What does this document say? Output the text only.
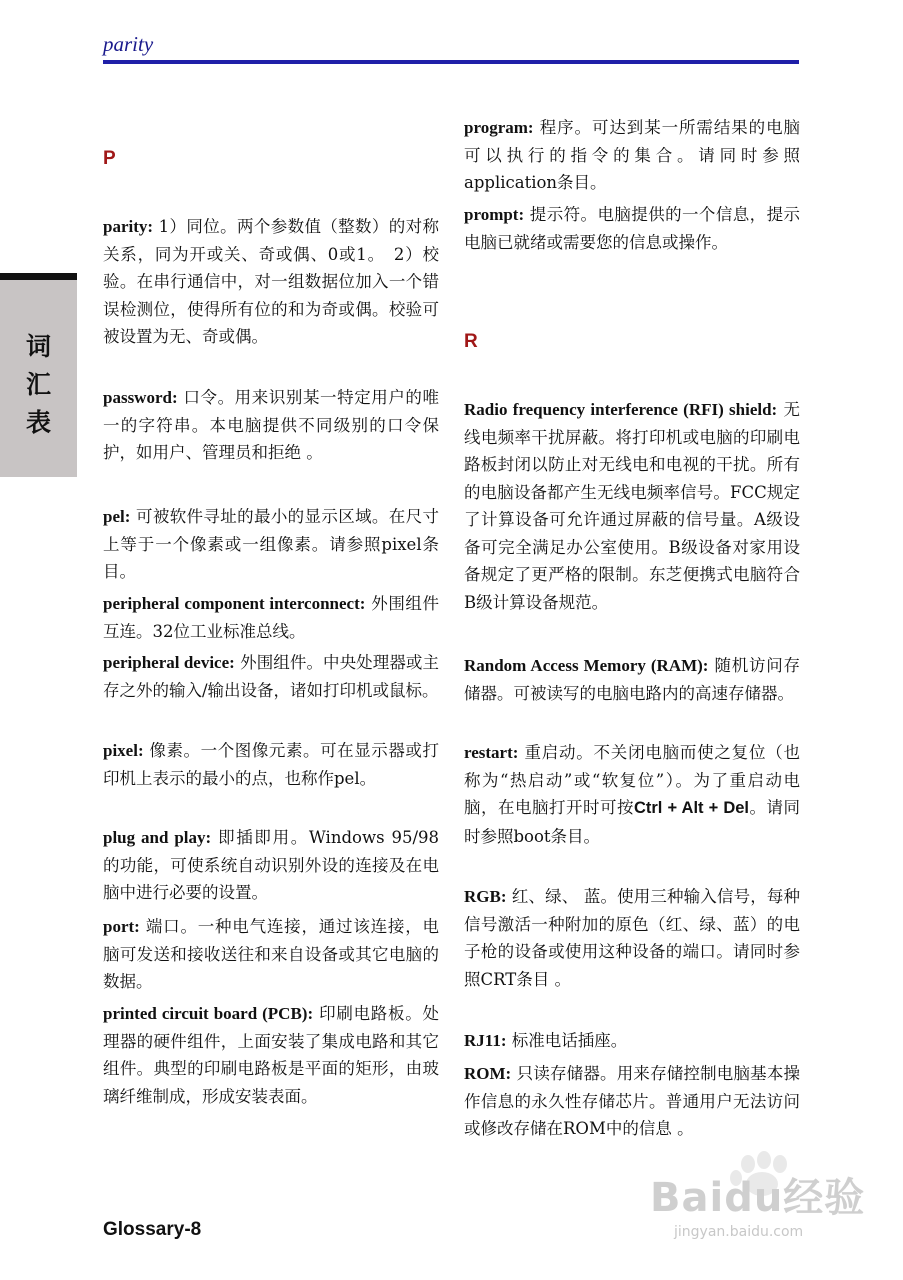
parity
词
汇
表
P
parity: 1）同位。两个参数值（整数）的对称关系，同为开或关、奇或偶、0或1。　2）校验。在串行通信中，对一组数据位加入一个错误检测位，使得所有位的和为奇或偶。校验可被设置为无、奇或偶。
password: 口令。用来识别某一特定用户的唯一的字符串。本电脑提供不同级别的口令保护，如用户、管理员和拒绝 。
pel: 可被软件寻址的最小的显示区域。在尺寸上等于一个像素或一组像素。请参照pixel条目。
peripheral component interconnect: 外围组件互连。32位工业标准总线。
peripheral device: 外围组件。中央处理器或主存之外的输入/输出设备，诸如打印机或鼠标。
pixel: 像素。一个图像元素。可在显示器或打印机上表示的最小的点，也称作pel。
plug and play: 即插即用。Windows 95/98的功能，可使系统自动识别外设的连接及在电脑中进行必要的设置。
port: 端口。一种电气连接，通过该连接，电脑可发送和接收送往和来自设备或其它电脑的数据。
printed circuit board (PCB): 印刷电路板。处理器的硬件组件，上面安装了集成电路和其它组件。典型的印刷电路板是平面的矩形，由玻璃纤维制成，形成安装表面。
program: 程序。可达到某一所需结果的电脑可以执行的指令的集合。请同时参照application条目。
prompt: 提示符。电脑提供的一个信息，提示电脑已就绪或需要您的信息或操作。
R
Radio frequency interference (RFI) shield: 无线电频率干扰屏蔽。将打印机或电脑的印刷电路板封闭以防止对无线电和电视的干扰。所有的电脑设备都产生无线电频率信号。FCC规定了计算设备可允许通过屏蔽的信号量。A级设备可完全满足办公室使用。B级设备对家用设备规定了更严格的限制。东芝便携式电脑符合B级计算设备规范。
Random Access Memory (RAM): 随机访问存储器。可被读写的电脑电路内的高速存储器。
restart: 重启动。不关闭电脑而使之复位（也称为“热启动”或“软复位”）。为了重启动电脑，在电脑打开时可按Ctrl + Alt + Del。请同时参照boot条目。
RGB: 红、绿、 蓝。使用三种输入信号，每种信号激活一种附加的原色（红、绿、蓝）的电子枪的设备或使用这种设备的端口。请同时参照CRT条目 。
RJ11: 标准电话插座。
ROM: 只读存储器。用来存储控制电脑基本操作信息的永久性存储芯片。普通用户无法访问或修改存储在ROM中的信息 。
Glossary-8
Baidu经验
jingyan.baidu.com
